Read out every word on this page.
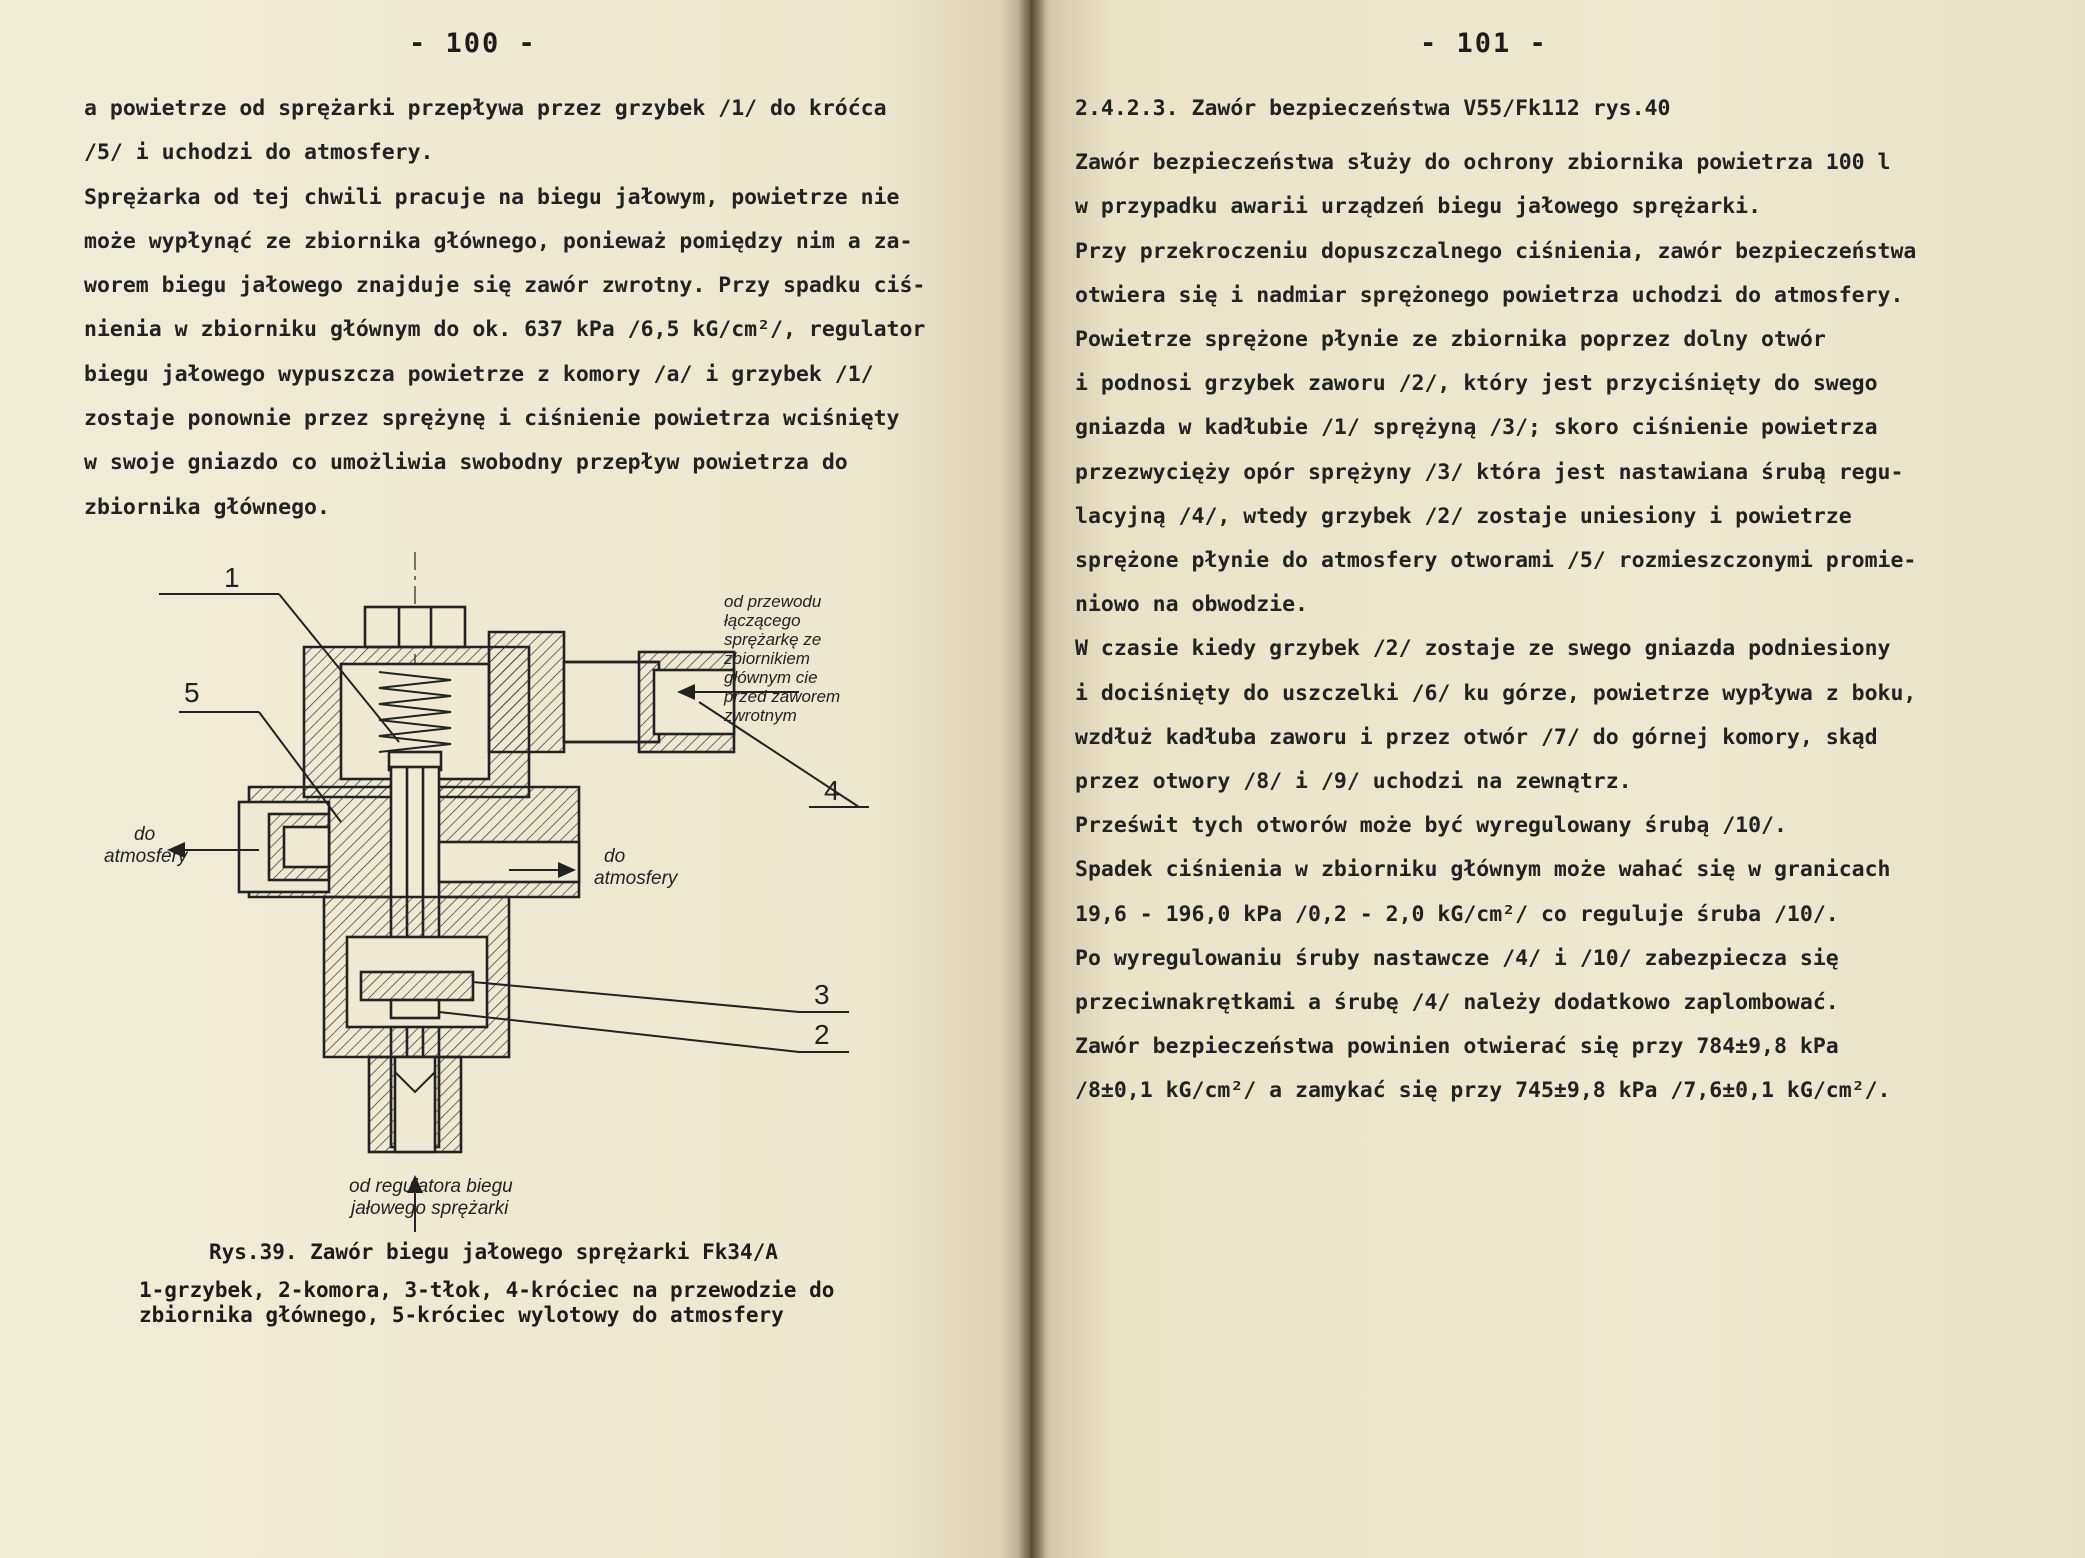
- 100 -
a powietrze od sprężarki przepływa przez grzybek /1/ do króćca
/5/ i uchodzi do atmosfery.
Sprężarka od tej chwili pracuje na biegu jałowym, powietrze nie
może wypłynąć ze zbiornika głównego, ponieważ pomiędzy nim a za-
worem biegu jałowego znajduje się zawór zwrotny. Przy spadku ciś-
nienia w zbiorniku głównym do ok. 637 kPa /6,5 kG/cm²/, regulator
biegu jałowego wypuszcza powietrze z komory /a/ i grzybek /1/
zostaje ponownie przez sprężynę i ciśnienie powietrza wciśnięty
w swoje gniazdo co umożliwia swobodny przepływ powietrza do
zbiornika głównego.
1
5
4
3
2
od przewodu
łączącego
sprężarkę ze
zbiornikiem
głównym cie
przed zaworem
zwrotnym
do
atmosfery	do
atmosfery
od regulatora biegu
jałowego sprężarki
Rys.39. Zawór biegu jałowego sprężarki Fk34/A
1-grzybek, 2-komora, 3-tłok, 4-króciec na przewodzie do
zbiornika głównego, 5-króciec wylotowy do atmosfery
- 101 -
2.4.2.3. Zawór bezpieczeństwa V55/Fk112 rys.40
Zawór bezpieczeństwa służy do ochrony zbiornika powietrza 100 l
w przypadku awarii urządzeń biegu jałowego sprężarki.
Przy przekroczeniu dopuszczalnego ciśnienia, zawór bezpieczeństwa
otwiera się i nadmiar sprężonego powietrza uchodzi do atmosfery.
Powietrze sprężone płynie ze zbiornika poprzez dolny otwór
i podnosi grzybek zaworu /2/, który jest przyciśnięty do swego
gniazda w kadłubie /1/ sprężyną /3/; skoro ciśnienie powietrza
przezwycięży opór sprężyny /3/ która jest nastawiana śrubą regu-
lacyjną /4/, wtedy grzybek /2/ zostaje uniesiony i powietrze
sprężone płynie do atmosfery otworami /5/ rozmieszczonymi promie-
niowo na obwodzie.
W czasie kiedy grzybek /2/ zostaje ze swego gniazda podniesiony
i dociśnięty do uszczelki /6/ ku górze, powietrze wypływa z boku,
wzdłuż kadłuba zaworu i przez otwór /7/ do górnej komory, skąd
przez otwory /8/ i /9/ uchodzi na zewnątrz.
Prześwit tych otworów może być wyregulowany śrubą /10/.
Spadek ciśnienia w zbiorniku głównym może wahać się w granicach
19,6 - 196,0 kPa /0,2 - 2,0 kG/cm²/ co reguluje śruba /10/.
Po wyregulowaniu śruby nastawcze /4/ i /10/ zabezpiecza się
przeciwnakrętkami a śrubę /4/ należy dodatkowo zaplombować.
Zawór bezpieczeństwa powinien otwierać się przy 784±9,8 kPa
/8±0,1 kG/cm²/ a zamykać się przy 745±9,8 kPa /7,6±0,1 kG/cm²/.
